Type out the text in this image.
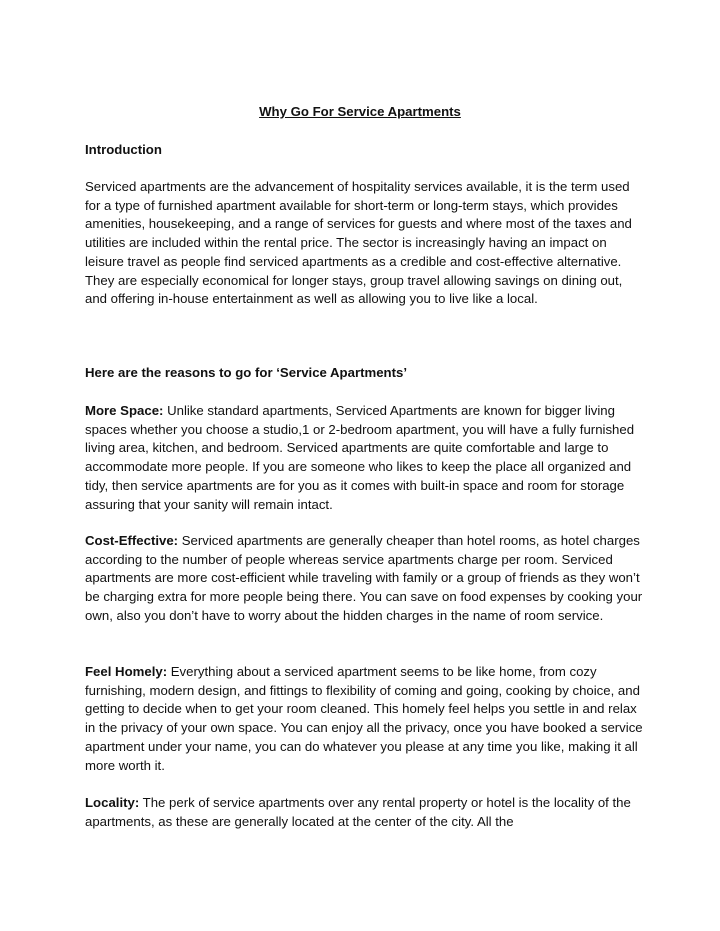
Why Go For Service Apartments
Introduction

Serviced apartments are the advancement of hospitality services available, it is the term used for a type of furnished apartment available for short-term or long-term stays, which provides amenities, housekeeping, and a range of services for guests and where most of the taxes and utilities are included within the rental price. The sector is increasingly having an impact on leisure travel as people find serviced apartments as a credible and cost-effective alternative. They are especially economical for longer stays, group travel allowing savings on dining out, and offering in-house entertainment as well as allowing you to live like a local.

Here are the reasons to go for ‘Service Apartments’

More Space: Unlike standard apartments, Serviced Apartments are known for bigger living spaces whether you choose a studio,1 or 2-bedroom apartment, you will have a fully furnished living area, kitchen, and bedroom. Serviced apartments are quite comfortable and large to accommodate more people. If you are someone who likes to keep the place all organized and tidy, then service apartments are for you as it comes with built-in space and room for storage assuring that your sanity will remain intact.

Cost-Effective: Serviced apartments are generally cheaper than hotel rooms, as hotel charges according to the number of people whereas service apartments charge per room. Serviced apartments are more cost-efficient while traveling with family or a group of friends as they won’t be charging extra for more people being there. You can save on food expenses by cooking your own, also you don’t have to worry about the hidden charges in the name of room service.

Feel Homely: Everything about a serviced apartment seems to be like home, from cozy furnishing, modern design, and fittings to flexibility of coming and going, cooking by choice, and getting to decide when to get your room cleaned. This homely feel helps you settle in and relax in the privacy of your own space. You can enjoy all the privacy, once you have booked a service apartment under your name, you can do whatever you please at any time you like, making it all more worth it.

Locality: The perk of service apartments over any rental property or hotel is the locality of the apartments, as these are generally located at the center of the city. All the
